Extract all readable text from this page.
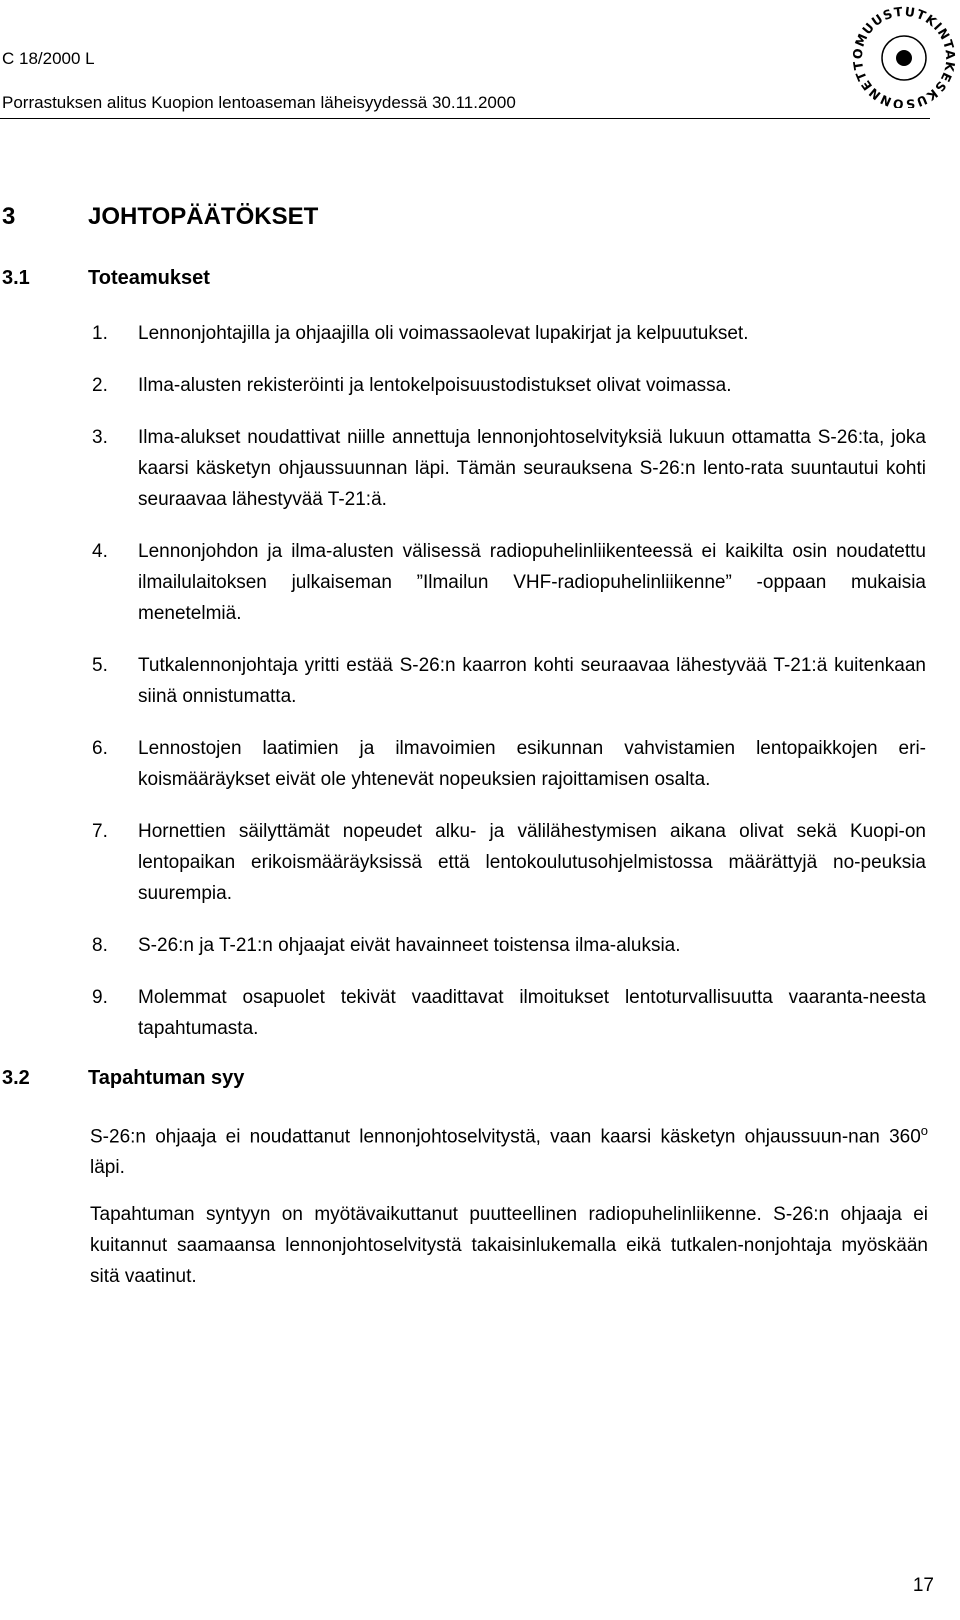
C 18/2000 L
Porrastuksen alitus Kuopion lentoaseman läheisyydessä 30.11.2000	ONNETTOMUUSTUTKINTAKESKUS
3	JOHTOPÄÄTÖKSET
3.1	Toteamukset
1. Lennonjohtajilla ja ohjaajilla oli voimassaolevat lupakirjat ja kelpuutukset.
2. Ilma-alusten rekisteröinti ja lentokelpoisuustodistukset olivat voimassa.
3. Ilma-alukset noudattivat niille annettuja lennonjohtoselvityksiä lukuun ottamatta S-26:ta, joka kaarsi käsketyn ohjaussuunnan läpi. Tämän seurauksena S-26:n lento-rata suuntautui kohti seuraavaa lähestyvää T-21:ä.
4. Lennonjohdon ja ilma-alusten välisessä radiopuhelinliikenteessä ei kaikilta osin noudatettu ilmailulaitoksen julkaiseman ”Ilmailun VHF-radiopuhelinliikenne” -oppaan mukaisia menetelmiä.
5. Tutkalennonjohtaja yritti estää S-26:n kaarron kohti seuraavaa lähestyvää T-21:ä kuitenkaan siinä onnistumatta.
6. Lennostojen laatimien ja ilmavoimien esikunnan vahvistamien lentopaikkojen eri-koismääräykset eivät ole yhtenevät nopeuksien rajoittamisen osalta.
7. Hornettien säilyttämät nopeudet alku- ja välilähestymisen aikana olivat sekä Kuopi-on lentopaikan erikoismääräyksissä että lentokoulutusohjelmistossa määrättyjä no-peuksia suurempia.
8. S-26:n ja T-21:n ohjaajat eivät havainneet toistensa ilma-aluksia.
9. Molemmat osapuolet tekivät vaadittavat ilmoitukset lentoturvallisuutta vaaranta-neesta tapahtumasta.
3.2	Tapahtuman syy

S-26:n ohjaaja ei noudattanut lennonjohtoselvitystä, vaan kaarsi käsketyn ohjaussuun-nan 360$^o$ läpi.

Tapahtuman syntyyn on myötävaikuttanut puutteellinen radiopuhelinliikenne. S-26:n ohjaaja ei kuitannut saamaansa lennonjohtoselvitystä takaisinlukemalla eikä tutkalen-nonjohtaja myöskään sitä vaatinut.

17
